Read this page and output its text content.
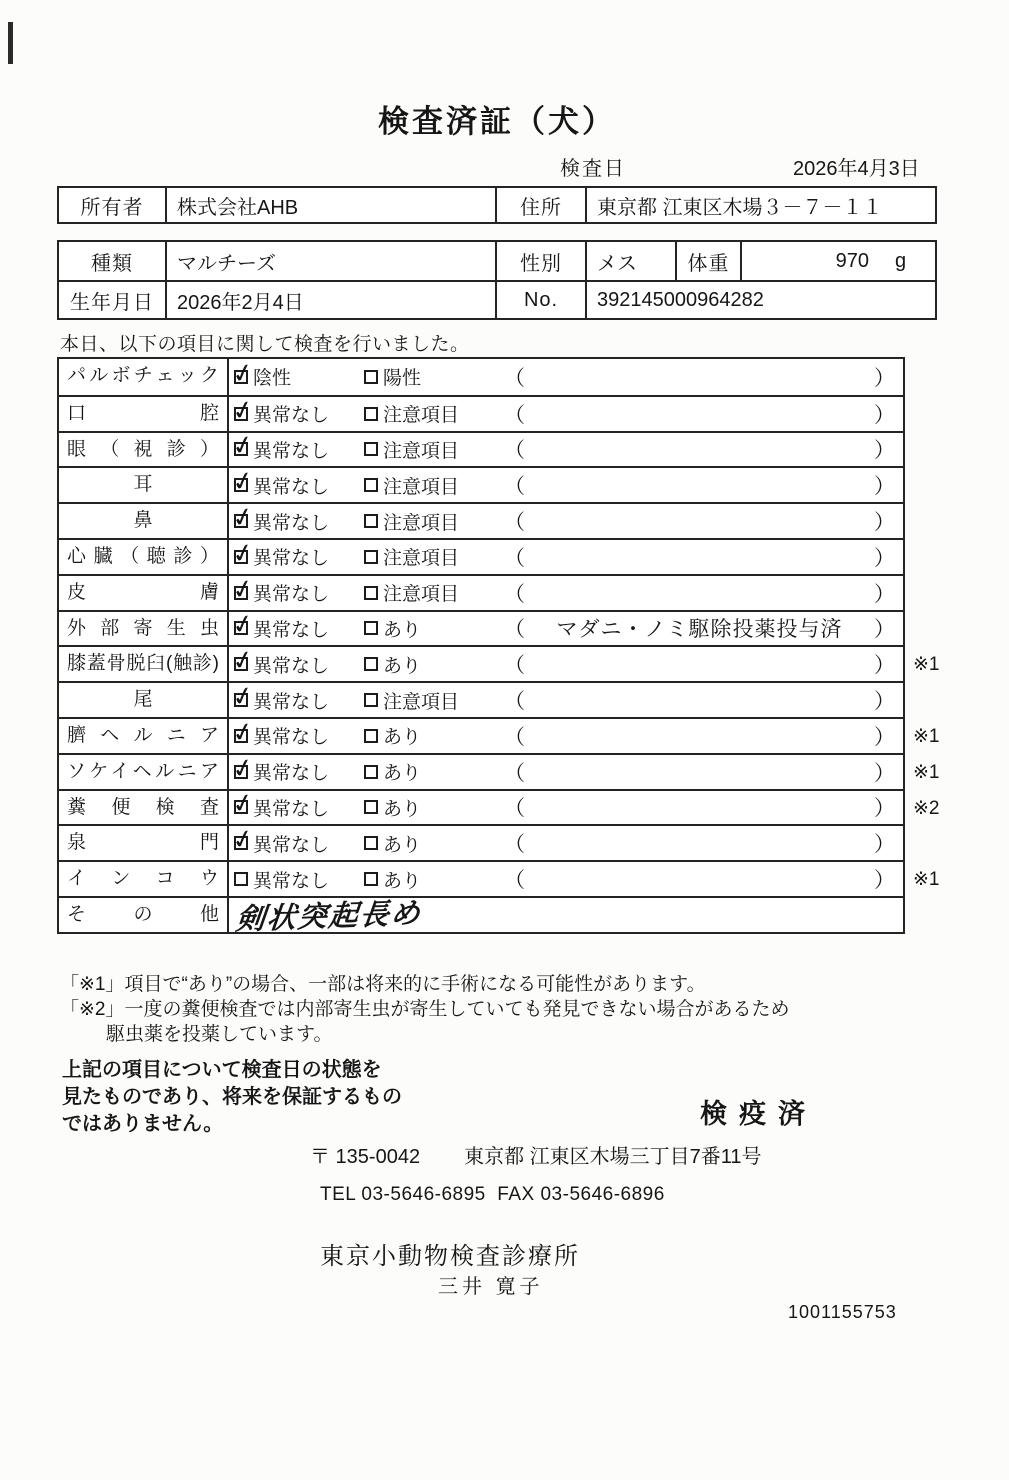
検査済証（犬）
検査日	2026年4月3日
所有者	株式会社AHB	住所	東京都 江東区木場３－７－１１
種類	マルチーズ	性別	メス	体重	970	g
生年月日	2026年2月4日	No.	392145000964282
本日、以下の項目に関して検査を行いました。
パルボチェック ✓	陰性	陽性	（	）
口腔 ✓	異常なし	注意項目 （	）
眼（視診） ✓	異常なし	注意項目 （	）
耳 ✓	異常なし	注意項目 （	）
鼻 ✓	異常なし	注意項目 （	）
心臓（聴診） ✓	異常なし	注意項目 （	）
皮膚 ✓	異常なし	注意項目 （	）
外部寄生虫 ✓	異常なし	あり	（	マダニ・ノミ駆除投薬投与済	）
膝蓋骨脱臼(触診) ✓	異常なし	あり	（	） ※1
尾 ✓	異常なし	注意項目 （	）
臍ヘルニア ✓	異常なし	あり	（	） ※1
ソケイヘルニア ✓	異常なし	あり	（	） ※1
糞便検査 ✓	異常なし	あり	（	） ※2
泉門 ✓	異常なし	あり	（	）
インコウ	異常なし	あり	（	） ※1
その他 剣状突起長め
「※1」項目で“あり”の場合、一部は将来的に手術になる可能性があります。
「※2」一度の糞便検査では内部寄生虫が寄生していても発見できない場合があるため
駆虫薬を投薬しています。
上記の項目について検査日の状態を
見たものであり、将来を保証するもの
ではありません。	検疫済
〒 135-0042 東京都 江東区木場三丁目7番11号
TEL 03-5646-6895  FAX 03-5646-6896
東京小動物検査診療所
三井 寛子
1001155753
